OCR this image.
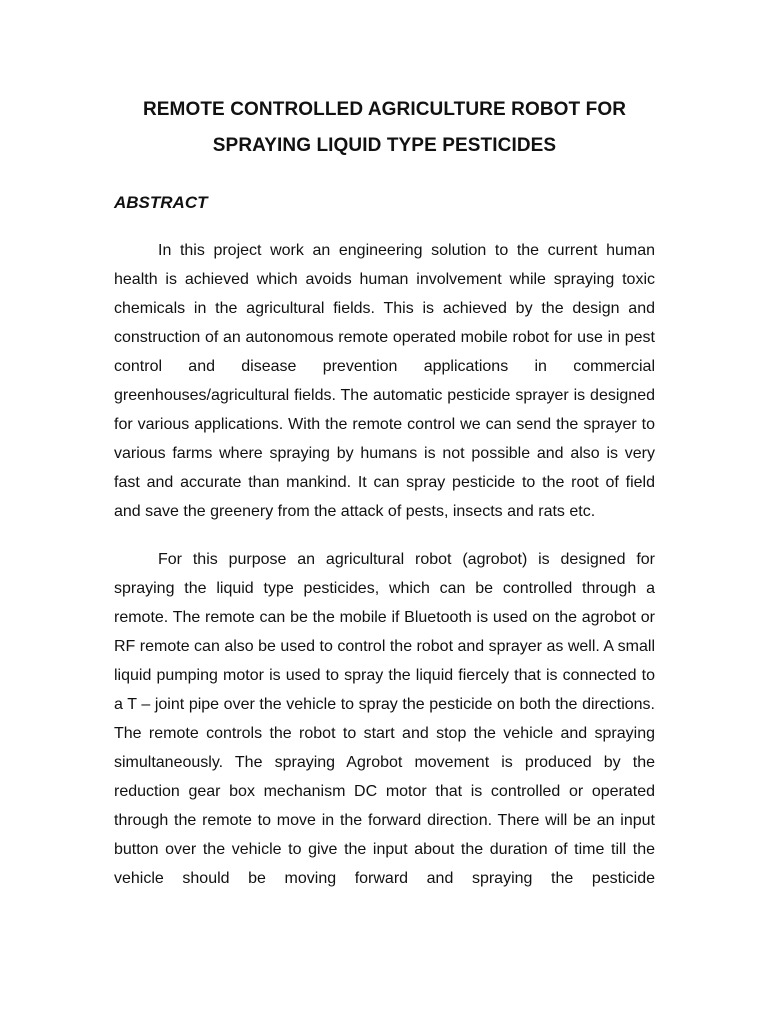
REMOTE CONTROLLED AGRICULTURE ROBOT FOR
SPRAYING LIQUID TYPE PESTICIDES
ABSTRACT

In this project work an engineering solution to the current human health is achieved which avoids human involvement while spraying toxic chemicals in the agricultural fields. This is achieved by the design and construction of an autonomous remote operated mobile robot for use in pest control and disease prevention applications in commercial greenhouses/agricultural fields. The automatic pesticide sprayer is designed for various applications. With the remote control we can send the sprayer to various farms where spraying by humans is not possible and also is very fast and accurate than mankind. It can spray pesticide to the root of field and save the greenery from the attack of pests, insects and rats etc.

For this purpose an agricultural robot (agrobot) is designed for spraying the liquid type pesticides, which can be controlled through a remote. The remote can be the mobile if Bluetooth is used on the agrobot or RF remote can also be used to control the robot and sprayer as well. A small liquid pumping motor is used to spray the liquid fiercely that is connected to a T – joint pipe over the vehicle to spray the pesticide on both the directions. The remote controls the robot to start and stop the vehicle and spraying simultaneously. The spraying Agrobot movement is produced by the reduction gear box mechanism DC motor that is controlled or operated through the remote to move in the forward direction. There will be an input button over the vehicle to give the input about the duration of time till the vehicle should be moving forward and spraying the pesticide
